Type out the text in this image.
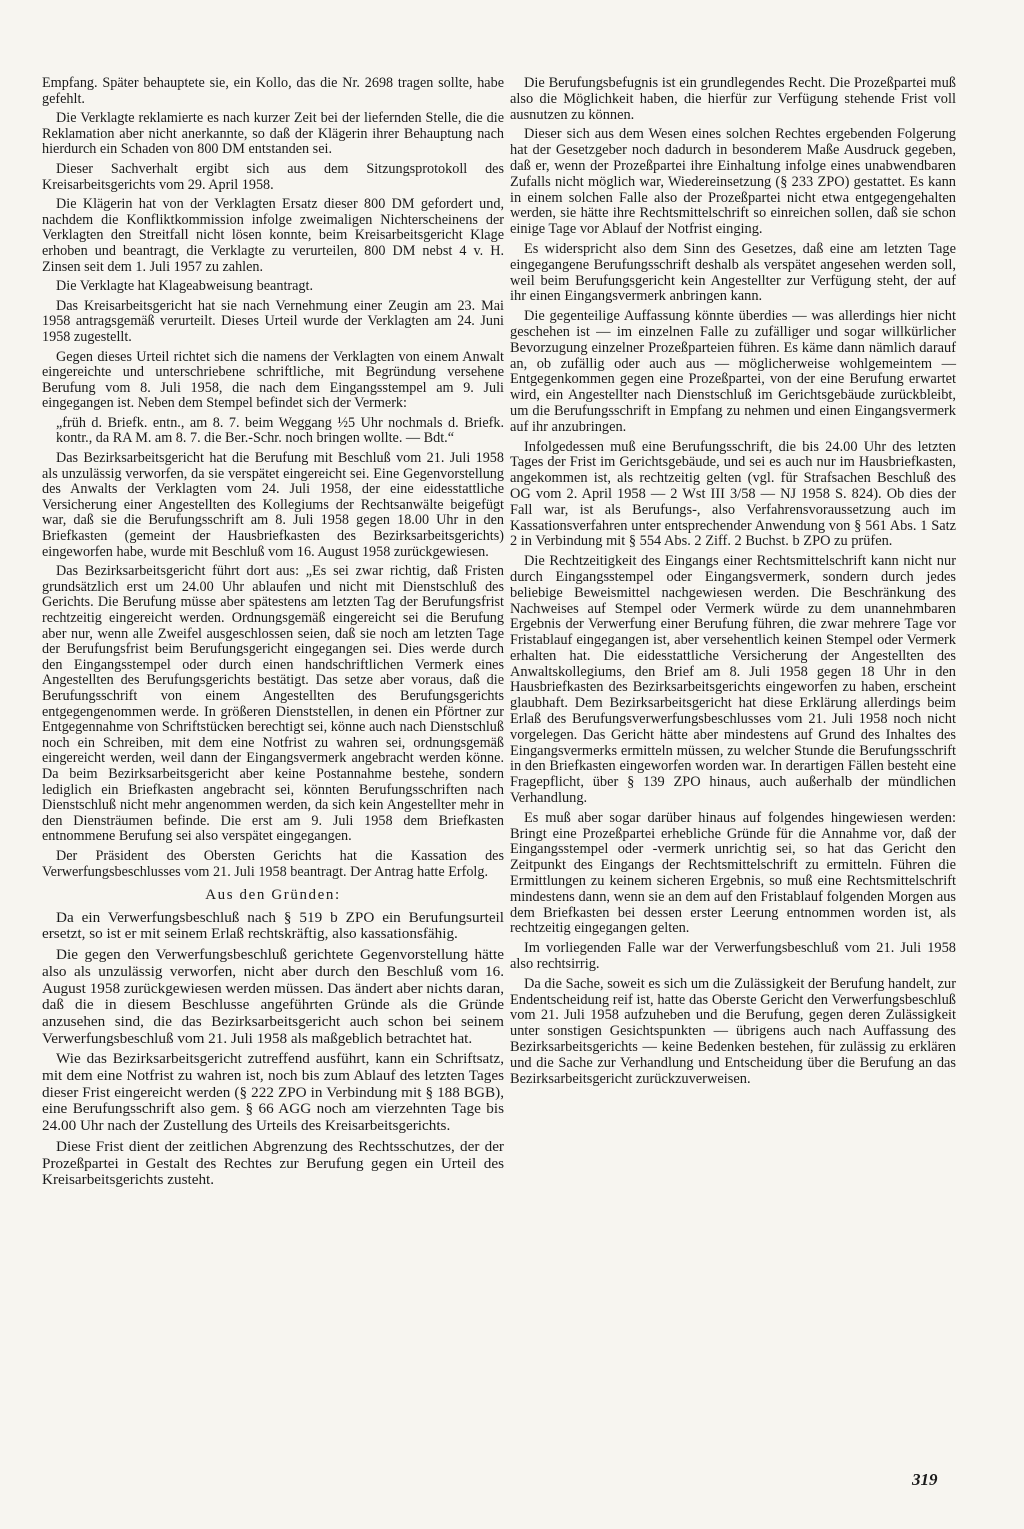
Empfang. Später behauptete sie, ein Kollo, das die Nr. 2698 tragen sollte, habe gefehlt.

Die Verklagte reklamierte es nach kurzer Zeit bei der liefernden Stelle, die die Reklamation aber nicht anerkannte, so daß der Klägerin ihrer Behauptung nach hierdurch ein Schaden von 800 DM entstanden sei.

Dieser Sachverhalt ergibt sich aus dem Sitzungsprotokoll des Kreisarbeitsgerichts vom 29. April 1958.

Die Klägerin hat von der Verklagten Ersatz dieser 800 DM gefordert und, nachdem die Konfliktkommission infolge zweimaligen Nichterscheinens der Verklagten den Streitfall nicht lösen konnte, beim Kreisarbeitsgericht Klage erhoben und beantragt, die Verklagte zu verurteilen, 800 DM nebst 4 v. H. Zinsen seit dem 1. Juli 1957 zu zahlen.

Die Verklagte hat Klageabweisung beantragt.

Das Kreisarbeitsgericht hat sie nach Vernehmung einer Zeugin am 23. Mai 1958 antragsgemäß verurteilt. Dieses Urteil wurde der Verklagten am 24. Juni 1958 zugestellt.

Gegen dieses Urteil richtet sich die namens der Verklagten von einem Anwalt eingereichte und unterschriebene schriftliche, mit Begründung versehene Berufung vom 8. Juli 1958, die nach dem Eingangsstempel am 9. Juli eingegangen ist. Neben dem Stempel befindet sich der Vermerk:

„früh d. Briefk. entn., am 8. 7. beim Weggang ½5 Uhr nochmals d. Briefk. kontr., da RA M. am 8. 7. die Ber.-Schr. noch bringen wollte. — Bdt.“

Das Bezirksarbeitsgericht hat die Berufung mit Beschluß vom 21. Juli 1958 als unzulässig verworfen, da sie verspätet eingereicht sei. Eine Gegenvorstellung des Anwalts der Verklagten vom 24. Juli 1958, der eine eidesstattliche Versicherung einer Angestellten des Kollegiums der Rechtsanwälte beigefügt war, daß sie die Berufungsschrift am 8. Juli 1958 gegen 18.00 Uhr in den Briefkasten (gemeint der Hausbriefkasten des Bezirksarbeitsgerichts) eingeworfen habe, wurde mit Beschluß vom 16. August 1958 zurückgewiesen.

Das Bezirksarbeitsgericht führt dort aus: „Es sei zwar richtig, daß Fristen grundsätzlich erst um 24.00 Uhr ablaufen und nicht mit Dienstschluß des Gerichts. Die Berufung müsse aber spätestens am letzten Tag der Berufungsfrist rechtzeitig eingereicht werden. Ordnungsgemäß eingereicht sei die Berufung aber nur, wenn alle Zweifel ausgeschlossen seien, daß sie noch am letzten Tage der Berufungsfrist beim Berufungsgericht eingegangen sei. Dies werde durch den Eingangsstempel oder durch einen handschriftlichen Vermerk eines Angestellten des Berufungsgerichts bestätigt. Das setze aber voraus, daß die Berufungsschrift von einem Angestellten des Berufungsgerichts entgegengenommen werde. In größeren Dienststellen, in denen ein Pförtner zur Entgegennahme von Schriftstücken berechtigt sei, könne auch nach Dienstschluß noch ein Schreiben, mit dem eine Notfrist zu wahren sei, ordnungsgemäß eingereicht werden, weil dann der Eingangsvermerk angebracht werden könne. Da beim Bezirksarbeitsgericht aber keine Postannahme bestehe, sondern lediglich ein Briefkasten angebracht sei, könnten Berufungsschriften nach Dienstschluß nicht mehr angenommen werden, da sich kein Angestellter mehr in den Diensträumen befinde. Die erst am 9. Juli 1958 dem Briefkasten entnommene Berufung sei also verspätet eingegangen.

Der Präsident des Obersten Gerichts hat die Kassation des Verwerfungsbeschlusses vom 21. Juli 1958 beantragt. Der Antrag hatte Erfolg.

Aus den Gründen:

Da ein Verwerfungsbeschluß nach § 519 b ZPO ein Berufungsurteil ersetzt, so ist er mit seinem Erlaß rechtskräftig, also kassationsfähig.

Die gegen den Verwerfungsbeschluß gerichtete Gegenvorstellung hätte also als unzulässig verworfen, nicht aber durch den Beschluß vom 16. August 1958 zurückgewiesen werden müssen. Das ändert aber nichts daran, daß die in diesem Beschlusse angeführten Gründe als die Gründe anzusehen sind, die das Bezirksarbeitsgericht auch schon bei seinem Verwerfungsbeschluß vom 21. Juli 1958 als maßgeblich betrachtet hat.

Wie das Bezirksarbeitsgericht zutreffend ausführt, kann ein Schriftsatz, mit dem eine Notfrist zu wahren ist, noch bis zum Ablauf des letzten Tages dieser Frist eingereicht werden (§ 222 ZPO in Verbindung mit § 188 BGB), eine Berufungsschrift also gem. § 66 AGG noch am vierzehnten Tage bis 24.00 Uhr nach der Zustellung des Urteils des Kreisarbeitsgerichts.

Diese Frist dient der zeitlichen Abgrenzung des Rechtsschutzes, der der Prozeßpartei in Gestalt des Rechtes zur Berufung gegen ein Urteil des Kreisarbeitsgerichts zusteht.

Die Berufungsbefugnis ist ein grundlegendes Recht. Die Prozeßpartei muß also die Möglichkeit haben, die hierfür zur Verfügung stehende Frist voll ausnutzen zu können.

Dieser sich aus dem Wesen eines solchen Rechtes ergebenden Folgerung hat der Gesetzgeber noch dadurch in besonderem Maße Ausdruck gegeben, daß er, wenn der Prozeßpartei ihre Einhaltung infolge eines unabwendbaren Zufalls nicht möglich war, Wiedereinsetzung (§ 233 ZPO) gestattet. Es kann in einem solchen Falle also der Prozeßpartei nicht etwa entgegengehalten werden, sie hätte ihre Rechtsmittelschrift so einreichen sollen, daß sie schon einige Tage vor Ablauf der Notfrist einging.

Es widerspricht also dem Sinn des Gesetzes, daß eine am letzten Tage eingegangene Berufungsschrift deshalb als verspätet angesehen werden soll, weil beim Berufungsgericht kein Angestellter zur Verfügung steht, der auf ihr einen Eingangsvermerk anbringen kann.

Die gegenteilige Auffassung könnte überdies — was allerdings hier nicht geschehen ist — im einzelnen Falle zu zufälliger und sogar willkürlicher Bevorzugung einzelner Prozeßparteien führen. Es käme dann nämlich darauf an, ob zufällig oder auch aus — möglicherweise wohlgemeintem — Entgegenkommen gegen eine Prozeßpartei, von der eine Berufung erwartet wird, ein Angestellter nach Dienstschluß im Gerichtsgebäude zurückbleibt, um die Berufungsschrift in Empfang zu nehmen und einen Eingangsvermerk auf ihr anzubringen.

Infolgedessen muß eine Berufungsschrift, die bis 24.00 Uhr des letzten Tages der Frist im Gerichtsgebäude, und sei es auch nur im Hausbriefkasten, angekommen ist, als rechtzeitig gelten (vgl. für Strafsachen Beschluß des OG vom 2. April 1958 — 2 Wst III 3/58 — NJ 1958 S. 824). Ob dies der Fall war, ist als Berufungs-, also Verfahrensvoraussetzung auch im Kassationsverfahren unter entsprechender Anwendung von § 561 Abs. 1 Satz 2 in Verbindung mit § 554 Abs. 2 Ziff. 2 Buchst. b ZPO zu prüfen.

Die Rechtzeitigkeit des Eingangs einer Rechtsmittelschrift kann nicht nur durch Eingangsstempel oder Eingangsvermerk, sondern durch jedes beliebige Beweismittel nachgewiesen werden. Die Beschränkung des Nachweises auf Stempel oder Vermerk würde zu dem unannehmbaren Ergebnis der Verwerfung einer Berufung führen, die zwar mehrere Tage vor Fristablauf eingegangen ist, aber versehentlich keinen Stempel oder Vermerk erhalten hat. Die eidesstattliche Versicherung der Angestellten des Anwaltskollegiums, den Brief am 8. Juli 1958 gegen 18 Uhr in den Hausbriefkasten des Bezirksarbeitsgerichts eingeworfen zu haben, erscheint glaubhaft. Dem Bezirksarbeitsgericht hat diese Erklärung allerdings beim Erlaß des Berufungsverwerfungsbeschlusses vom 21. Juli 1958 noch nicht vorgelegen. Das Gericht hätte aber mindestens auf Grund des Inhaltes des Eingangsvermerks ermitteln müssen, zu welcher Stunde die Berufungsschrift in den Briefkasten eingeworfen worden war. In derartigen Fällen besteht eine Fragepflicht, über § 139 ZPO hinaus, auch außerhalb der mündlichen Verhandlung.

Es muß aber sogar darüber hinaus auf folgendes hingewiesen werden: Bringt eine Prozeßpartei erhebliche Gründe für die Annahme vor, daß der Eingangsstempel oder -vermerk unrichtig sei, so hat das Gericht den Zeitpunkt des Eingangs der Rechtsmittelschrift zu ermitteln. Führen die Ermittlungen zu keinem sicheren Ergebnis, so muß eine Rechtsmittelschrift mindestens dann, wenn sie an dem auf den Fristablauf folgenden Morgen aus dem Briefkasten bei dessen erster Leerung entnommen worden ist, als rechtzeitig eingegangen gelten.

Im vorliegenden Falle war der Verwerfungsbeschluß vom 21. Juli 1958 also rechtsirrig.

Da die Sache, soweit es sich um die Zulässigkeit der Berufung handelt, zur Endentscheidung reif ist, hatte das Oberste Gericht den Verwerfungsbeschluß vom 21. Juli 1958 aufzuheben und die Berufung, gegen deren Zulässigkeit unter sonstigen Gesichtspunkten — übrigens auch nach Auffassung des Bezirksarbeitsgerichts — keine Bedenken bestehen, für zulässig zu erklären und die Sache zur Verhandlung und Entscheidung über die Berufung an das Bezirksarbeitsgericht zurückzuverweisen.

319
